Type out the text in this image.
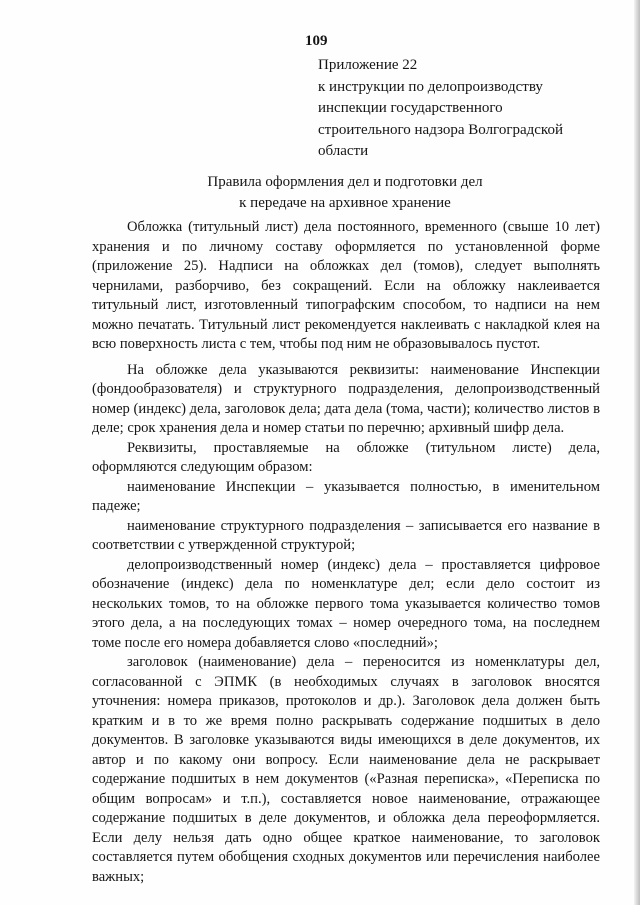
109
Приложение 22
к инструкции по делопроизводству
инспекции государственного
строительного надзора Волгоградской
области
Правила оформления дел и подготовки дел
к передаче на архивное хранение

Обложка (титульный лист) дела постоянного, временного (свыше 10 лет) хранения и по личному составу оформляется по установленной форме (приложение 25). Надписи на обложках дел (томов), следует выполнять чернилами, разборчиво, без сокращений. Если на обложку наклеивается титульный лист, изготовленный типографским способом, то надписи на нем можно печатать. Титульный лист рекомендуется наклеивать с накладкой клея на всю поверхность листа с тем, чтобы под ним не образовывалось пустот.

На обложке дела указываются реквизиты: наименование Инспекции (фондообразователя) и структурного подразделения, делопроизводственный номер (индекс) дела, заголовок дела; дата дела (тома, части); количество листов в деле; срок хранения дела и номер статьи по перечню; архивный шифр дела.

Реквизиты, проставляемые на обложке (титульном листе) дела, оформляются следующим образом:

наименование Инспекции – указывается полностью, в именительном падеже;

наименование структурного подразделения – записывается его название в соответствии с утвержденной структурой;

делопроизводственный номер (индекс) дела – проставляется цифровое обозначение (индекс) дела по номенклатуре дел; если дело состоит из нескольких томов, то на обложке первого тома указывается количество томов этого дела, а на последующих томах – номер очередного тома, на последнем томе после его номера добавляется слово «последний»;

заголовок (наименование) дела – переносится из номенклатуры дел, согласованной с ЭПМК (в необходимых случаях в заголовок вносятся уточнения: номера приказов, протоколов и др.). Заголовок дела должен быть кратким и в то же время полно раскрывать содержание подшитых в дело документов. В заголовке указываются виды имеющихся в деле документов, их автор и по какому они вопросу. Если наименование дела не раскрывает содержание подшитых в нем документов («Разная переписка», «Переписка по общим вопросам» и т.п.), составляется новое наименование, отражающее содержание подшитых в деле документов, и обложка дела переоформляется. Если делу нельзя дать одно общее краткое наименование, то заголовок составляется путем обобщения сходных документов или перечисления наиболее важных;
